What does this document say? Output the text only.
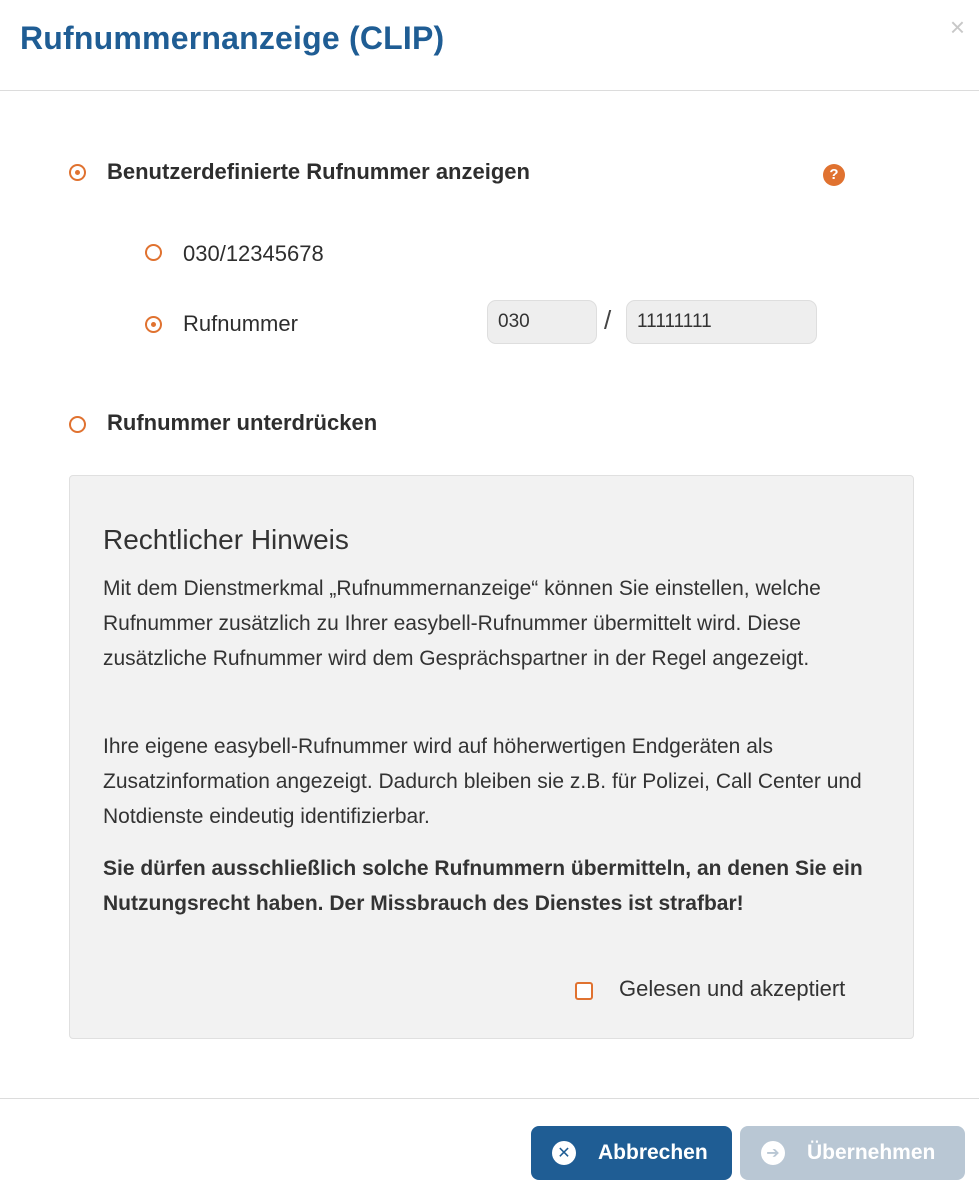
Rufnummernanzeige (CLIP)	×
Benutzerdefinierte Rufnummer anzeigen	?
030/12345678
Rufnummer
030	/
11111111
Rufnummer unterdrücken
Rechtlicher Hinweis
Mit dem Dienstmerkmal „Rufnummernanzeige“ können Sie einstellen, welche Rufnummer zusätzlich zu Ihrer easybell-Rufnummer übermittelt wird. Diese zusätzliche Rufnummer wird dem Gesprächspartner in der Regel angezeigt.
Ihre eigene easybell-Rufnummer wird auf höherwertigen Endgeräten als Zusatzinformation angezeigt. Dadurch bleiben sie z.B. für Polizei, Call Center und Notdienste eindeutig identifizierbar.
Sie dürfen ausschließlich solche Rufnummern übermitteln, an denen Sie ein Nutzungsrecht haben. Der Missbrauch des Dienstes ist strafbar!
Gelesen und akzeptiert
✕ Abbrechen	➔ Übernehmen
